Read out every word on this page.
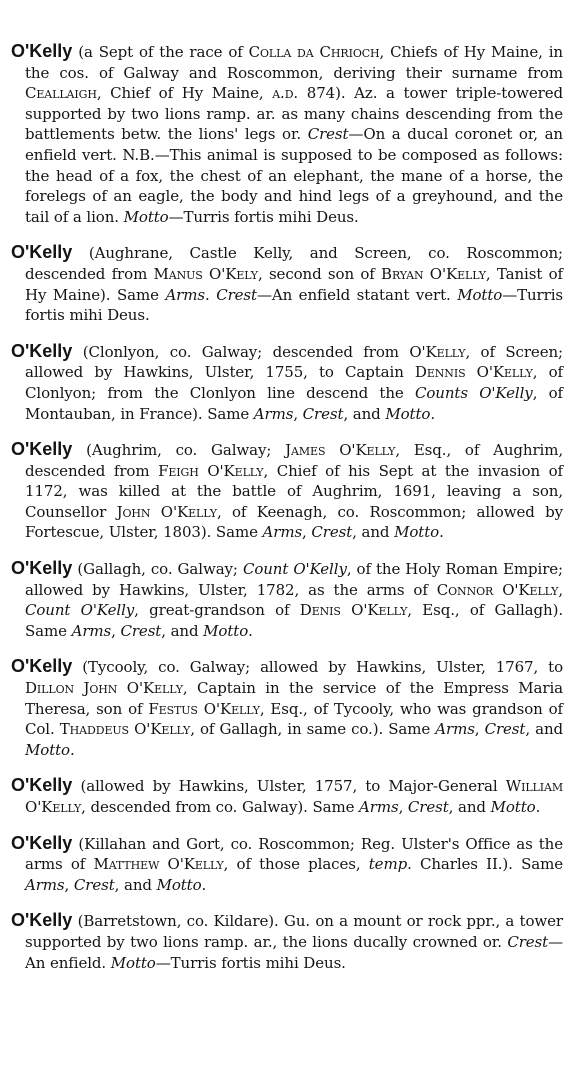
O'Kelly (a Sept of the race of Colla da Chrioch, Chiefs of Hy Maine, in the cos. of Galway and Roscommon, deriving their surname from Ceallaigh, Chief of Hy Maine, a.d. 874). Az. a tower triple-towered supported by two lions ramp. ar. as many chains descending from the battlements betw. the lions' legs or. Crest—On a ducal coronet or, an enfield vert. N.B.—This animal is supposed to be composed as follows: the head of a fox, the chest of an elephant, the mane of a horse, the forelegs of an eagle, the body and hind legs of a greyhound, and the tail of a lion. Motto—Turris fortis mihi Deus.

O'Kelly (Aughrane, Castle Kelly, and Screen, co. Roscommon; descended from Manus O'Kely, second son of Bryan O'Kelly, Tanist of Hy Maine). Same Arms. Crest—An enfield statant vert. Motto—Turris fortis mihi Deus.

O'Kelly (Clonlyon, co. Galway; descended from O'Kelly, of Screen; allowed by Hawkins, Ulster, 1755, to Captain Dennis O'Kelly, of Clonlyon; from the Clonlyon line descend the Counts O'Kelly, of Montauban, in France). Same Arms, Crest, and Motto.

O'Kelly (Aughrim, co. Galway; James O'Kelly, Esq., of Aughrim, descended from Feigh O'Kelly, Chief of his Sept at the invasion of 1172, was killed at the battle of Aughrim, 1691, leaving a son, Counsellor John O'Kelly, of Keenagh, co. Roscommon; allowed by Fortescue, Ulster, 1803). Same Arms, Crest, and Motto.

O'Kelly (Gallagh, co. Galway; Count O'Kelly, of the Holy Roman Empire; allowed by Hawkins, Ulster, 1782, as the arms of Connor O'Kelly, Count O'Kelly, great-grandson of Denis O'Kelly, Esq., of Gallagh). Same Arms, Crest, and Motto.

O'Kelly (Tycooly, co. Galway; allowed by Hawkins, Ulster, 1767, to Dillon John O'Kelly, Captain in the service of the Empress Maria Theresa, son of Festus O'Kelly, Esq., of Tycooly, who was grandson of Col. Thaddeus O'Kelly, of Gallagh, in same co.). Same Arms, Crest, and Motto.

O'Kelly (allowed by Hawkins, Ulster, 1757, to Major-General William O'Kelly, descended from co. Galway). Same Arms, Crest, and Motto.

O'Kelly (Killahan and Gort, co. Roscommon; Reg. Ulster's Office as the arms of Matthew O'Kelly, of those places, temp. Charles II.). Same Arms, Crest, and Motto.

O'Kelly (Barretstown, co. Kildare). Gu. on a mount or rock ppr., a tower supported by two lions ramp. ar., the lions ducally crowned or. Crest—An enfield. Motto—Turris fortis mihi Deus.
